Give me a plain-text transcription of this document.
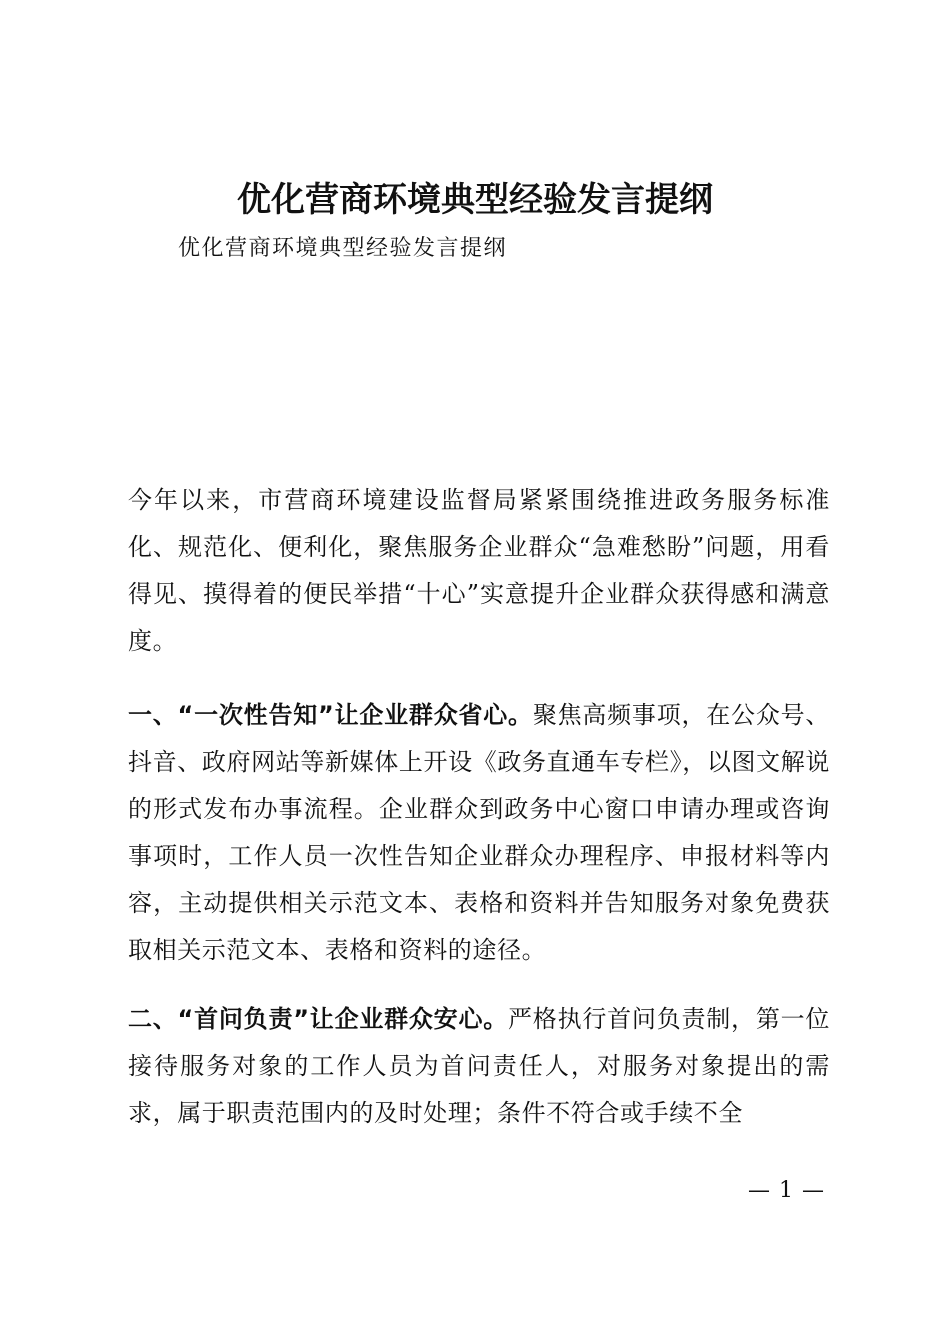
优化营商环境典型经验发言提纲
优化营商环境典型经验发言提纲

今年以来，市营商环境建设监督局紧紧围绕推进政务服务标准化、规范化、便利化，聚焦服务企业群众“急难愁盼”问题，用看得见、摸得着的便民举措“十心”实意提升企业群众获得感和满意度。

一、“一次性告知”让企业群众省心。聚焦高频事项，在公众号、抖音、政府网站等新媒体上开设《政务直通车专栏》，以图文解说的形式发布办事流程。企业群众到政务中心窗口申请办理或咨询事项时，工作人员一次性告知企业群众办理程序、申报材料等内容，主动提供相关示范文本、表格和资料并告知服务对象免费获取相关示范文本、表格和资料的途径。

二、“首问负责”让企业群众安心。严格执行首问负责制，第一位接待服务对象的工作人员为首问责任人，对服务对象提出的需求，属于职责范围内的及时处理；条件不符合或手续不全

— 1 —
